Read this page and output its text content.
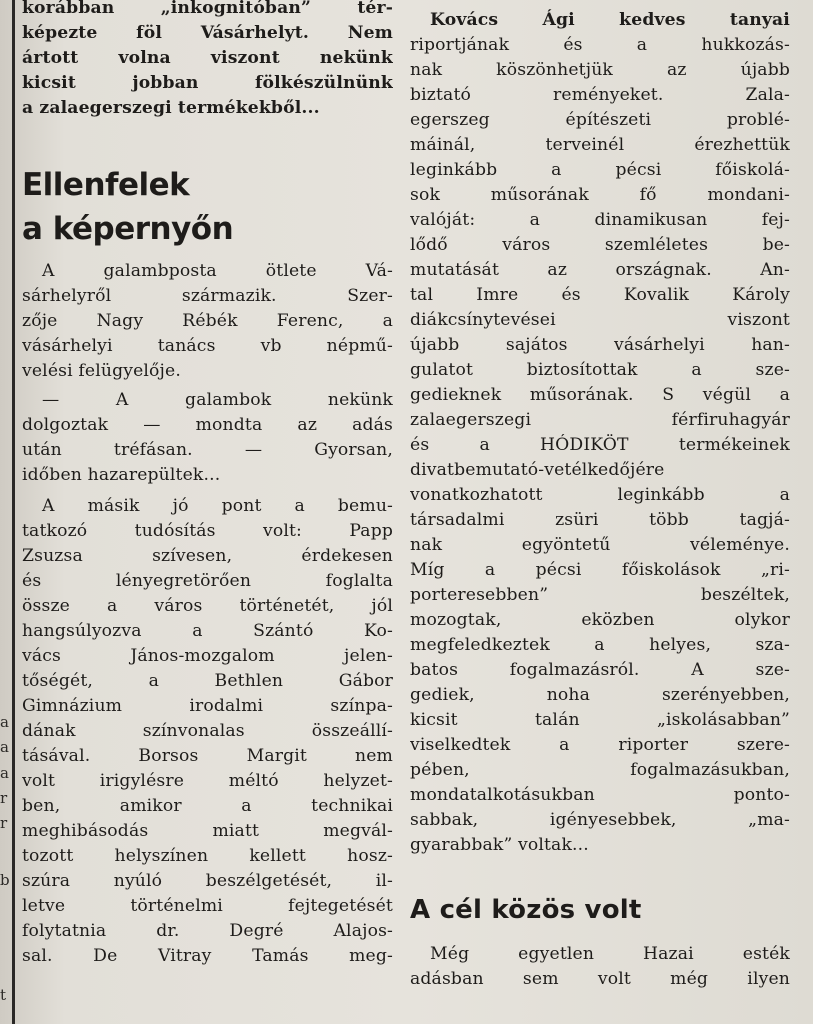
a
a
a
r
r
b
t
korábban „inkognitóban” tér-
képezte föl Vásárhelyt. Nem
ártott volna viszont nekünk
kicsit jobban fölkészülnünk
a zalaegerszegi termékekből...
Ellenfelek
a képernyőn
A galambposta ötlete Vá-
sárhelyről származik. Szer-
zője Nagy Rébék Ferenc, a
vásárhelyi tanács vb népmű-
velési felügyelője.
— A galambok nekünk
dolgoztak — mondta az adás
után tréfásan. — Gyorsan,
időben hazarepültek...
A másik jó pont a bemu-
tatkozó tudósítás volt: Papp
Zsuzsa szívesen, érdekesen
és lényegretörően foglalta
össze a város történetét, jól
hangsúlyozva a Szántó Ko-
vács János-mozgalom jelen-
tőségét, a Bethlen Gábor
Gimnázium irodalmi színpa-
dának színvonalas összeállí-
tásával. Borsos Margit nem
volt irigylésre méltó helyzet-
ben, amikor a technikai
meghibásodás miatt megvál-
tozott helyszínen kellett hosz-
szúra nyúló beszélgetését, il-
letve történelmi fejtegetését
folytatnia dr. Degré Alajos-
sal. De Vitray Tamás meg-
Kovács Ági kedves tanyai
riportjának és a hukkozás-
nak köszönhetjük az újabb
biztató reményeket. Zala-
egerszeg építészeti problé-
máinál, terveinél érezhettük
leginkább a pécsi főiskolá-
sok műsorának fő mondani-
valóját: a dinamikusan fej-
lődő város szemléletes be-
mutatását az országnak. An-
tal Imre és Kovalik Károly
diákcsínytevései viszont
újabb sajátos vásárhelyi han-
gulatot biztosítottak a sze-
gedieknek műsorának. S végül a
zalaegerszegi férfiruhagyár
és a HÓDIKÖT termékeinek
divatbemutató-vetélkedőjére
vonatkozhatott leginkább a
társadalmi zsüri több tagjá-
nak egyöntetű véleménye.
Míg a pécsi főiskolások „ri-
porteresebben” beszéltek,
mozogtak, eközben olykor
megfeledkeztek a helyes, sza-
batos fogalmazásról. A sze-
gediek, noha szerényebben,
kicsit talán „iskolásabban”
viselkedtek a riporter szere-
pében, fogalmazásukban,
mondatalkotásukban ponto-
sabbak, igényesebbek, „ma-
gyarabbak” voltak...
A cél közös volt
Még egyetlen Hazai esték
adásban sem volt még ilyen
